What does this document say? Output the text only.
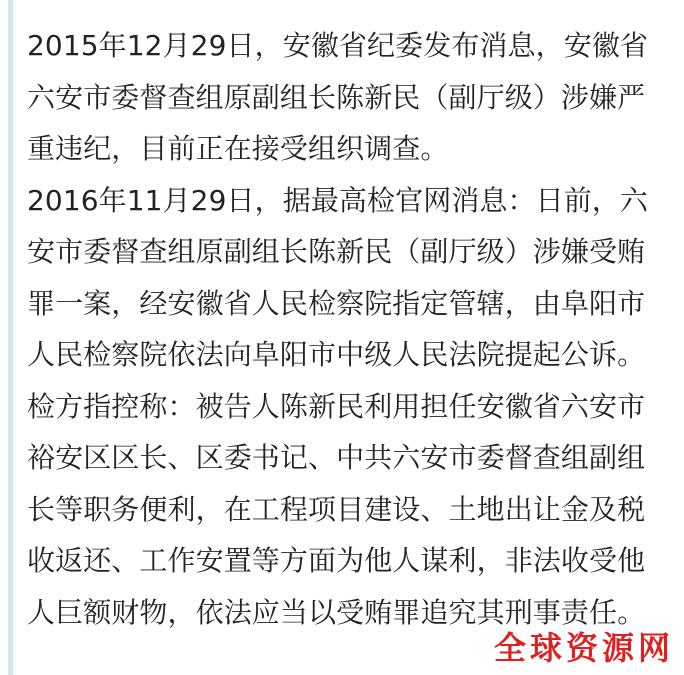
2015年12月29日，安徽省纪委发布消息，安徽省六安市委督查组原副组长陈新民（副厅级）涉嫌严重违纪，目前正在接受组织调查。

2016年11月29日，据最高检官网消息：日前，六安市委督查组原副组长陈新民（副厅级）涉嫌受贿罪一案，经安徽省人民检察院指定管辖，由阜阳市人民检察院依法向阜阳市中级人民法院提起公诉。

检方指控称：被告人陈新民利用担任安徽省六安市裕安区区长、区委书记、中共六安市委督查组副组长等职务便利，在工程项目建设、土地出让金及税收返还、工作安置等方面为他人谋利，非法收受他人巨额财物，依法应当以受贿罪追究其刑事责任。

全球资源网
